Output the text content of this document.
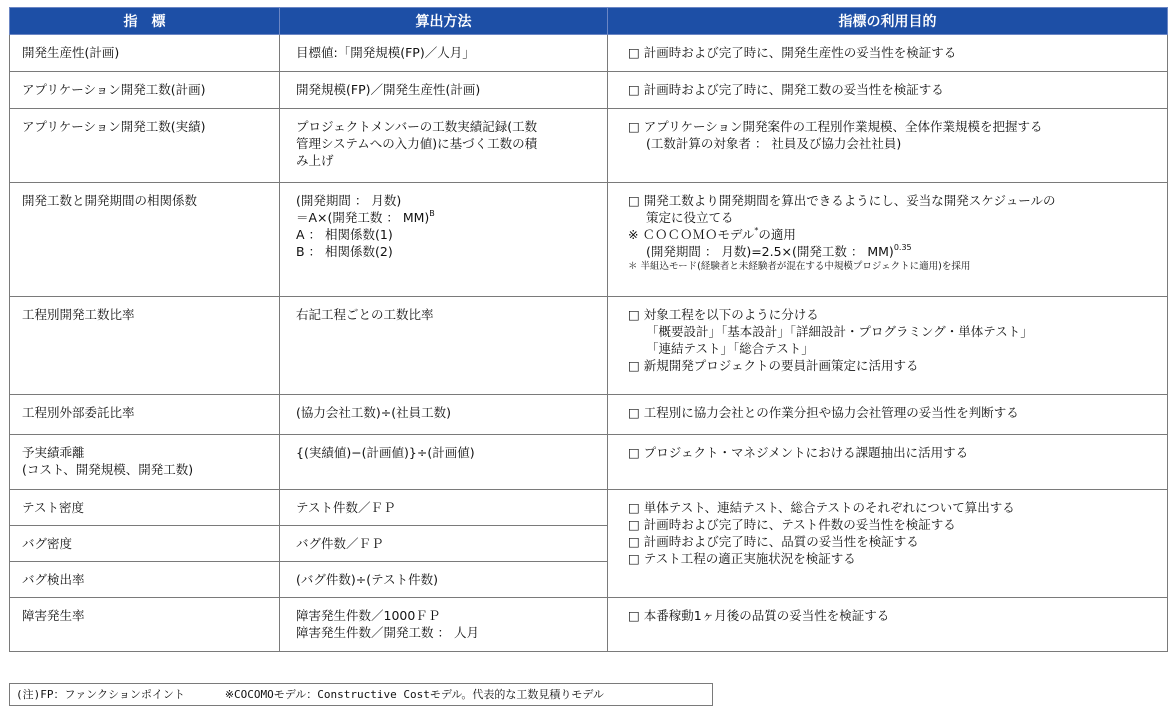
指　標	算出方法	指標の利用目的

開発生産性(計画)	目標値:「開発規模(FP)／人月」	□ 計画時および完了時に、開発生産性の妥当性を検証する

アプリケーション開発工数(計画)	開発規模(FP)／開発生産性(計画)	□ 計画時および完了時に、開発工数の妥当性を検証する

アプリケーション開発工数(実績)	プロジェクトメンバーの工数実績記録(工数
管理システムへの入力値)に基づく工数の積
み上げ	□ アプリケーション開発案件の工程別作業規模、全体作業規模を把握する
(工数計算の対象者 ： 社員及び協力会社社員)

開発工数と開発期間の相関係数	(開発期間 ： 月数)
＝A×(開発工数 ： MM)$^B$
A ： 相関係数(1)
B ： 相関係数(2)	□ 開発工数より開発期間を算出できるようにし、妥当な開発スケジュールの
策定に役立てる
※ ＣＯＣＯＭＯモデル*の適用
(開発期間 ： 月数)=2.5×(開発工数 ： MM)$^{0.35}$
＊ 半組込モード(経験者と未経験者が混在する中規模プロジェクトに適用)を採用

工程別開発工数比率	右記工程ごとの工数比率	□ 対象工程を以下のように分ける
「概要設計」「基本設計」「詳細設計・プログラミング・単体テスト」
「連結テスト」「総合テスト」
□ 新規開発プロジェクトの要員計画策定に活用する

工程別外部委託比率	(協力会社工数)÷(社員工数)	□ 工程別に協力会社との作業分担や協力会社管理の妥当性を判断する

予実績乖離
(コスト、開発規模、開発工数)	{(実績値)−(計画値)}÷(計画値)	□ プロジェクト・マネジメントにおける課題抽出に活用する

テスト密度	テスト件数／ＦＰ	□ 単体テスト、連結テスト、総合テストのそれぞれについて算出する
□ 計画時および完了時に、テスト件数の妥当性を検証する
□ 計画時および完了時に、品質の妥当性を検証する
□ テスト工程の適正実施状況を検証する

バグ密度	バグ件数／ＦＰ	

バグ検出率	(バグ件数)÷(テスト件数)	

障害発生率	障害発生件数／1000ＦＰ
障害発生件数／開発工数 ： 人月	□ 本番稼動1ヶ月後の品質の妥当性を検証する
(注)FP：ファンクションポイント	※COCOMOモデル：Constructive Costモデル。代表的な工数見積りモデル
